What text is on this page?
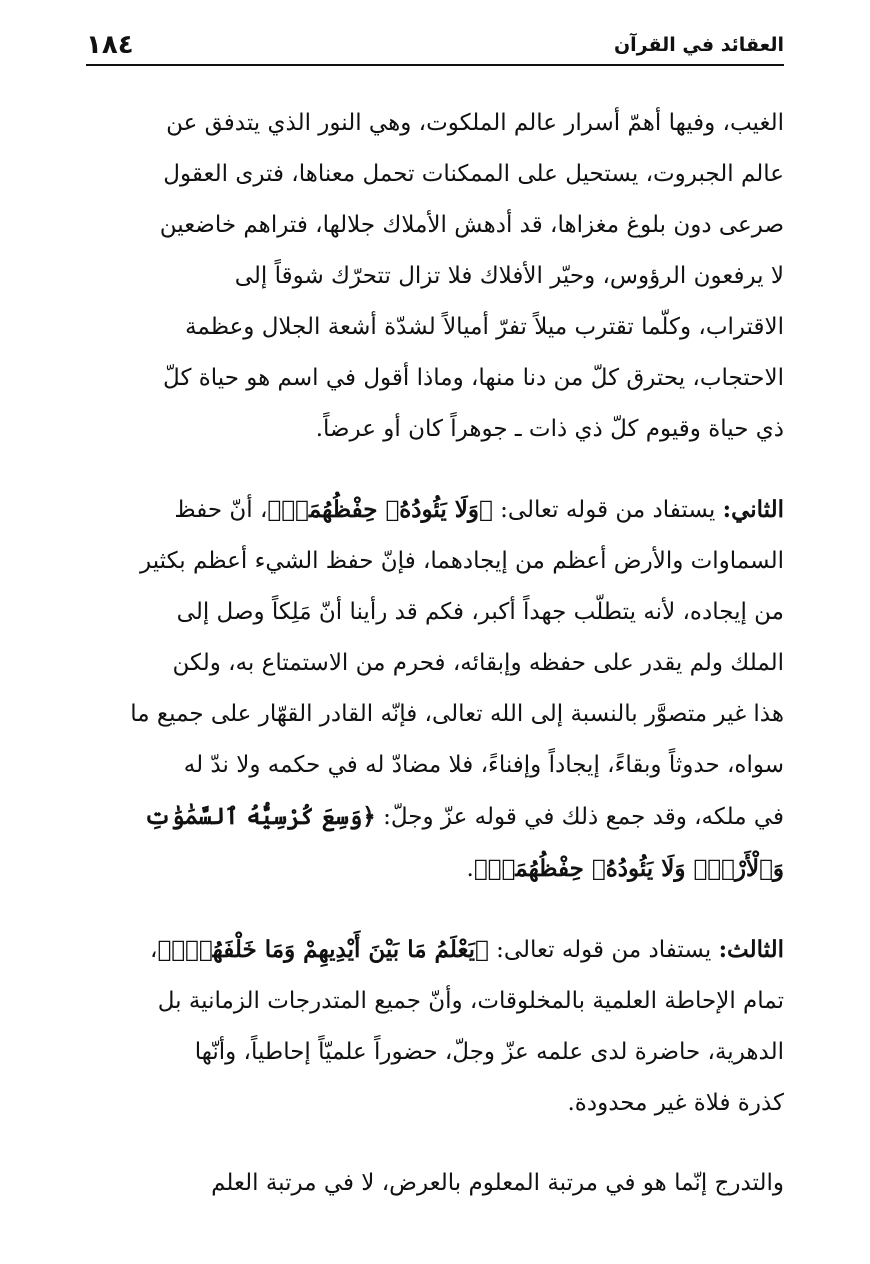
١٨٤	العقائد في القرآن

الغيب، وفيها أهمّ أسرار عالم الملكوت، وهي النور الذي يتدفق عن
عالم الجبروت، يستحيل على الممكنات تحمل معناها، فترى العقول
صرعى دون بلوغ مغزاها، قد أدهش الأملاك جلالها، فتراهم خاضعين
لا يرفعون الرؤوس، وحيّر الأفلاك فلا تزال تتحرّك شوقاً إلى
الاقتراب، وكلّما تقترب ميلاً تفرّ أميالاً لشدّة أشعة الجلال وعظمة
الاحتجاب، يحترق كلّ من دنا منها، وماذا أقول في اسم هو حياة كلّ
ذي حياة وقيوم كلّ ذي ذات ـ جوهراً كان أو عرضاً.

الثاني: يستفاد من قوله تعالى: ﴿وَلَا يَئُودُهُۥ حِفْظُهُمَاۚ﴾، أنّ حفظ
السماوات والأرض أعظم من إيجادهما، فإنّ حفظ الشيء أعظم بكثير
من إيجاده، لأنه يتطلّب جهداً أكبر، فكم قد رأينا أنّ مَلِكاً وصل إلى
الملك ولم يقدر على حفظه وإبقائه، فحرم من الاستمتاع به، ولكن
هذا غير متصوَّر بالنسبة إلى الله تعالى، فإنّه القادر القهّار على جميع ما
سواه، حدوثاً وبقاءً، إيجاداً وإفناءً، فلا مضادّ له في حكمه ولا ندّ له
في ملكه، وقد جمع ذلك في قوله عزّ وجلّ: ﴿وَسِعَ كُرْسِيُّهُ ٱلسَّمَٰوَٰتِ
وَٱلْأَرْضَۖ وَلَا يَئُودُهُۥ حِفْظُهُمَاۚ﴾.

الثالث: يستفاد من قوله تعالى: ﴿يَعْلَمُ مَا بَيْنَ أَيْدِيهِمْ وَمَا خَلْفَهُمْۖ﴾،
تمام الإحاطة العلمية بالمخلوقات، وأنّ جميع المتدرجات الزمانية بل
الدهرية، حاضرة لدى علمه عزّ وجلّ، حضوراً علميّاً إحاطياً، وأنّها
كذرة فلاة غير محدودة.

والتدرج إنّما هو في مرتبة المعلوم بالعرض، لا في مرتبة العلم
